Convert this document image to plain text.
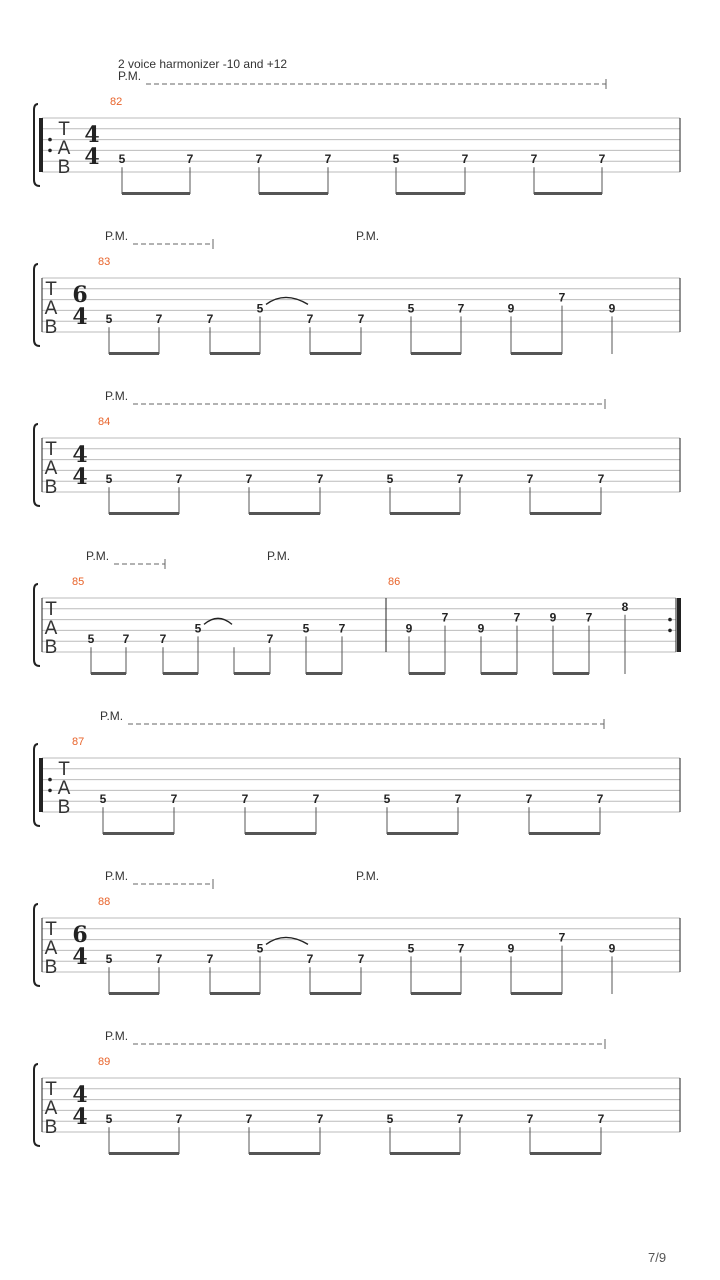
2 voice harmonizer -10 and +12
T
A
B
4
4
P.M.
82
5	7	7	7	5	7	7	7
T
A
B
6
4
P.M.	P.M.
83
5	7	7
5
7
5	7	9
7
9
7
T
A
B
4
4
P.M.
84
5	7	7	7	5	7	7	7
T
A
B
P.M.	P.M.
85	86
5 7	7
5
7
5 7	9
7
9
7 9 7
8
T
A
B
P.M.
87
5	7	7	7	5	7	7	7
T
A
B
6
4
P.M.	P.M.
88
5	7	7
5
7
5	7	9
7
9
7
T
A
B
4
4
P.M.
89
5	7	7	7	5	7	7	7
7/9
